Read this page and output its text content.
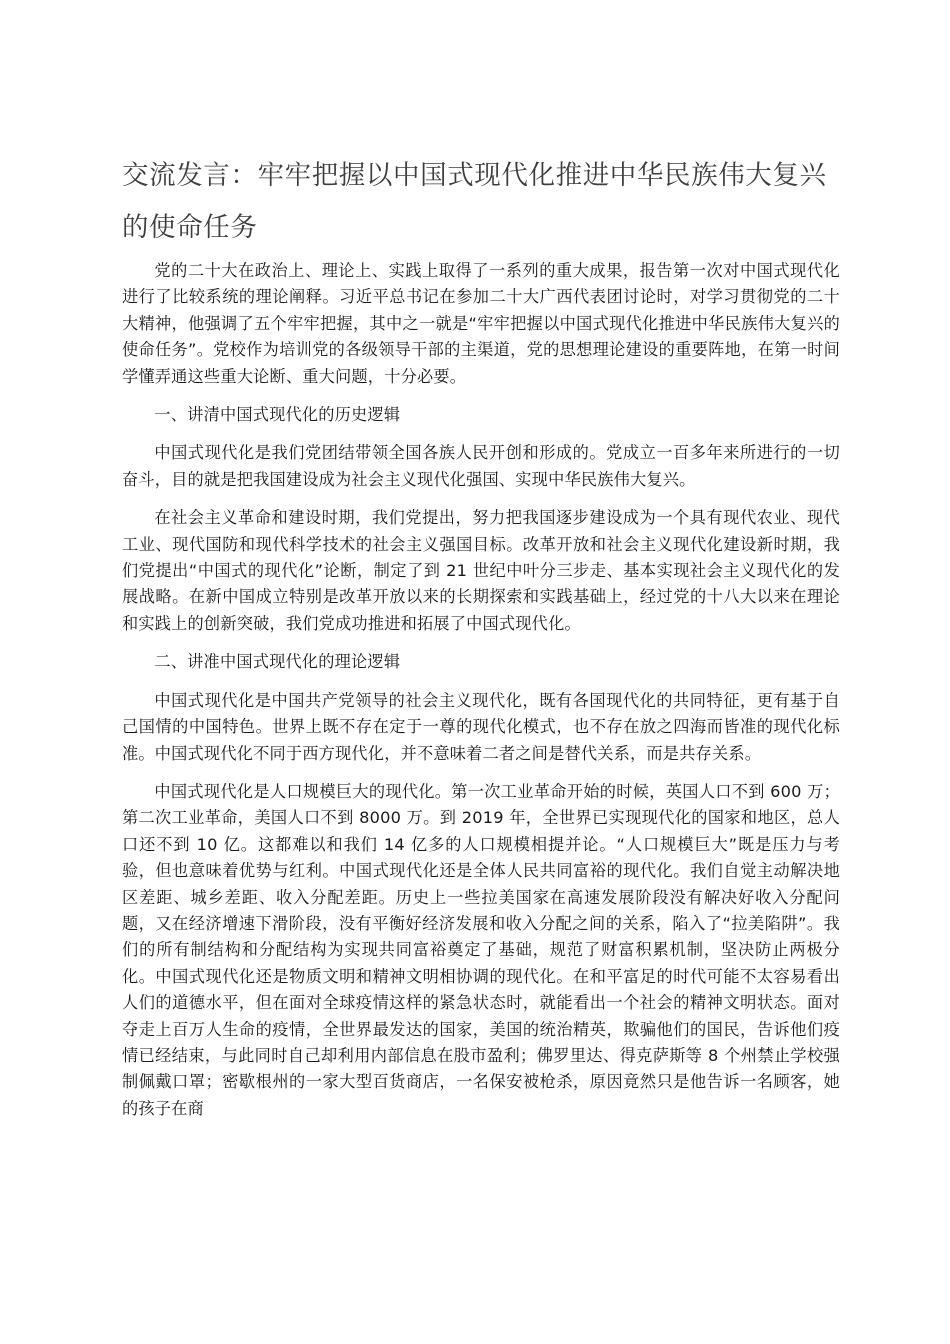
交流发言：牢牢把握以中国式现代化推进中华民族伟大复兴的使命任务

党的二十大在政治上、理论上、实践上取得了一系列的重大成果，报告第一次对中国式现代化进行了比较系统的理论阐释。习近平总书记在参加二十大广西代表团讨论时，对学习贯彻党的二十大精神，他强调了五个牢牢把握，其中之一就是“牢牢把握以中国式现代化推进中华民族伟大复兴的使命任务”。党校作为培训党的各级领导干部的主渠道，党的思想理论建设的重要阵地，在第一时间学懂弄通这些重大论断、重大问题，十分必要。

一、讲清中国式现代化的历史逻辑

中国式现代化是我们党团结带领全国各族人民开创和形成的。党成立一百多年来所进行的一切奋斗，目的就是把我国建设成为社会主义现代化强国、实现中华民族伟大复兴。

在社会主义革命和建设时期，我们党提出，努力把我国逐步建设成为一个具有现代农业、现代工业、现代国防和现代科学技术的社会主义强国目标。改革开放和社会主义现代化建设新时期，我们党提出“中国式的现代化”论断，制定了到 21 世纪中叶分三步走、基本实现社会主义现代化的发展战略。在新中国成立特别是改革开放以来的长期探索和实践基础上，经过党的十八大以来在理论和实践上的创新突破，我们党成功推进和拓展了中国式现代化。

二、讲准中国式现代化的理论逻辑

中国式现代化是中国共产党领导的社会主义现代化，既有各国现代化的共同特征，更有基于自己国情的中国特色。世界上既不存在定于一尊的现代化模式，也不存在放之四海而皆准的现代化标准。中国式现代化不同于西方现代化，并不意味着二者之间是替代关系，而是共存关系。

中国式现代化是人口规模巨大的现代化。第一次工业革命开始的时候，英国人口不到 600 万；第二次工业革命，美国人口不到 8000 万。到 2019 年，全世界已实现现代化的国家和地区，总人口还不到 10 亿。这都难以和我们 14 亿多的人口规模相提并论。“人口规模巨大”既是压力与考验，但也意味着优势与红利。中国式现代化还是全体人民共同富裕的现代化。我们自觉主动解决地区差距、城乡差距、收入分配差距。历史上一些拉美国家在高速发展阶段没有解决好收入分配问题，又在经济增速下滑阶段，没有平衡好经济发展和收入分配之间的关系，陷入了“拉美陷阱”。我们的所有制结构和分配结构为实现共同富裕奠定了基础，规范了财富积累机制，坚决防止两极分化。中国式现代化还是物质文明和精神文明相协调的现代化。在和平富足的时代可能不太容易看出人们的道德水平，但在面对全球疫情这样的紧急状态时，就能看出一个社会的精神文明状态。面对夺走上百万人生命的疫情，全世界最发达的国家，美国的统治精英，欺骗他们的国民，告诉他们疫情已经结束，与此同时自己却利用内部信息在股市盈利；佛罗里达、得克萨斯等 8 个州禁止学校强制佩戴口罩；密歇根州的一家大型百货商店，一名保安被枪杀，原因竟然只是他告诉一名顾客，她的孩子在商
